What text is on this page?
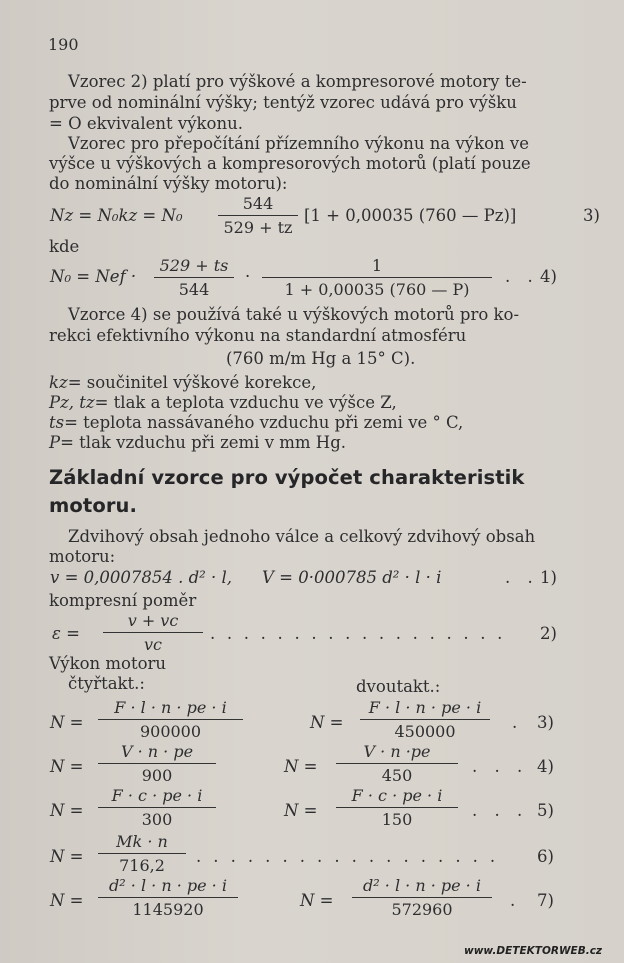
190
Vzorec 2) platí pro výškové a kompresorové motory te-
prve od nominální výšky; tentýž vzorec udává pro výšku
= O ekvivalent výkonu.
Vzorec pro přepočítání přízemního výkonu na výkon ve
výšce u výškových a kompresorových motorů (platí pouze
do nominální výšky motoru):
Nz = N₀kz = N₀
544
529 + tz
[1 + 0,00035 (760 — Pz)]	3)
kde
N₀ = Nef ·
529 + ts
544
·
1
1 + 0,00035 (760 — P)
. . 4)
Vzorce 4) se používá také u výškových motorů pro ko-
rekci efektivního výkonu na standardní atmosféru
(760 m/m Hg a 15° C).
kz= součinitel výškové korekce,
Pz, tz= tlak a teplota vzduchu ve výšce Z,
ts= teplota nassávaného vzduchu při zemi ve ° C,
P= tlak vzduchu při zemi v mm Hg.
Základní vzorce pro výpočet charakteristik
motoru.
Zdvihový obsah jednoho válce a celkový zdvihový obsah
motoru:
v = 0,0007854 . d² · l, V = 0·000785 d² · l · i	. . 1)
kompresní poměr
ε =
v + vc
vc
. . . . . . . . . . . . . . . . . . 2)
Výkon motoru
čtyřtakt.:	dvoutakt.:
N =
F · l · n · pe · i
900000	N =
F · l · n · pe · i
450000	. 3)
N =
V · n · pe
900	N =
V · n ·pe
450	. . . 4)
N =
F · c · pe · i
300	N =
F · c · pe · i
150	. . . 5)
N =
Mk · n
716,2	. . . . . . . . . . . . . . . . . . 6)
N =
d² · l · n · pe · i
1145920	N =
d² · l · n · pe · i
572960	. 7)
www.DETEKTORWEB.cz
